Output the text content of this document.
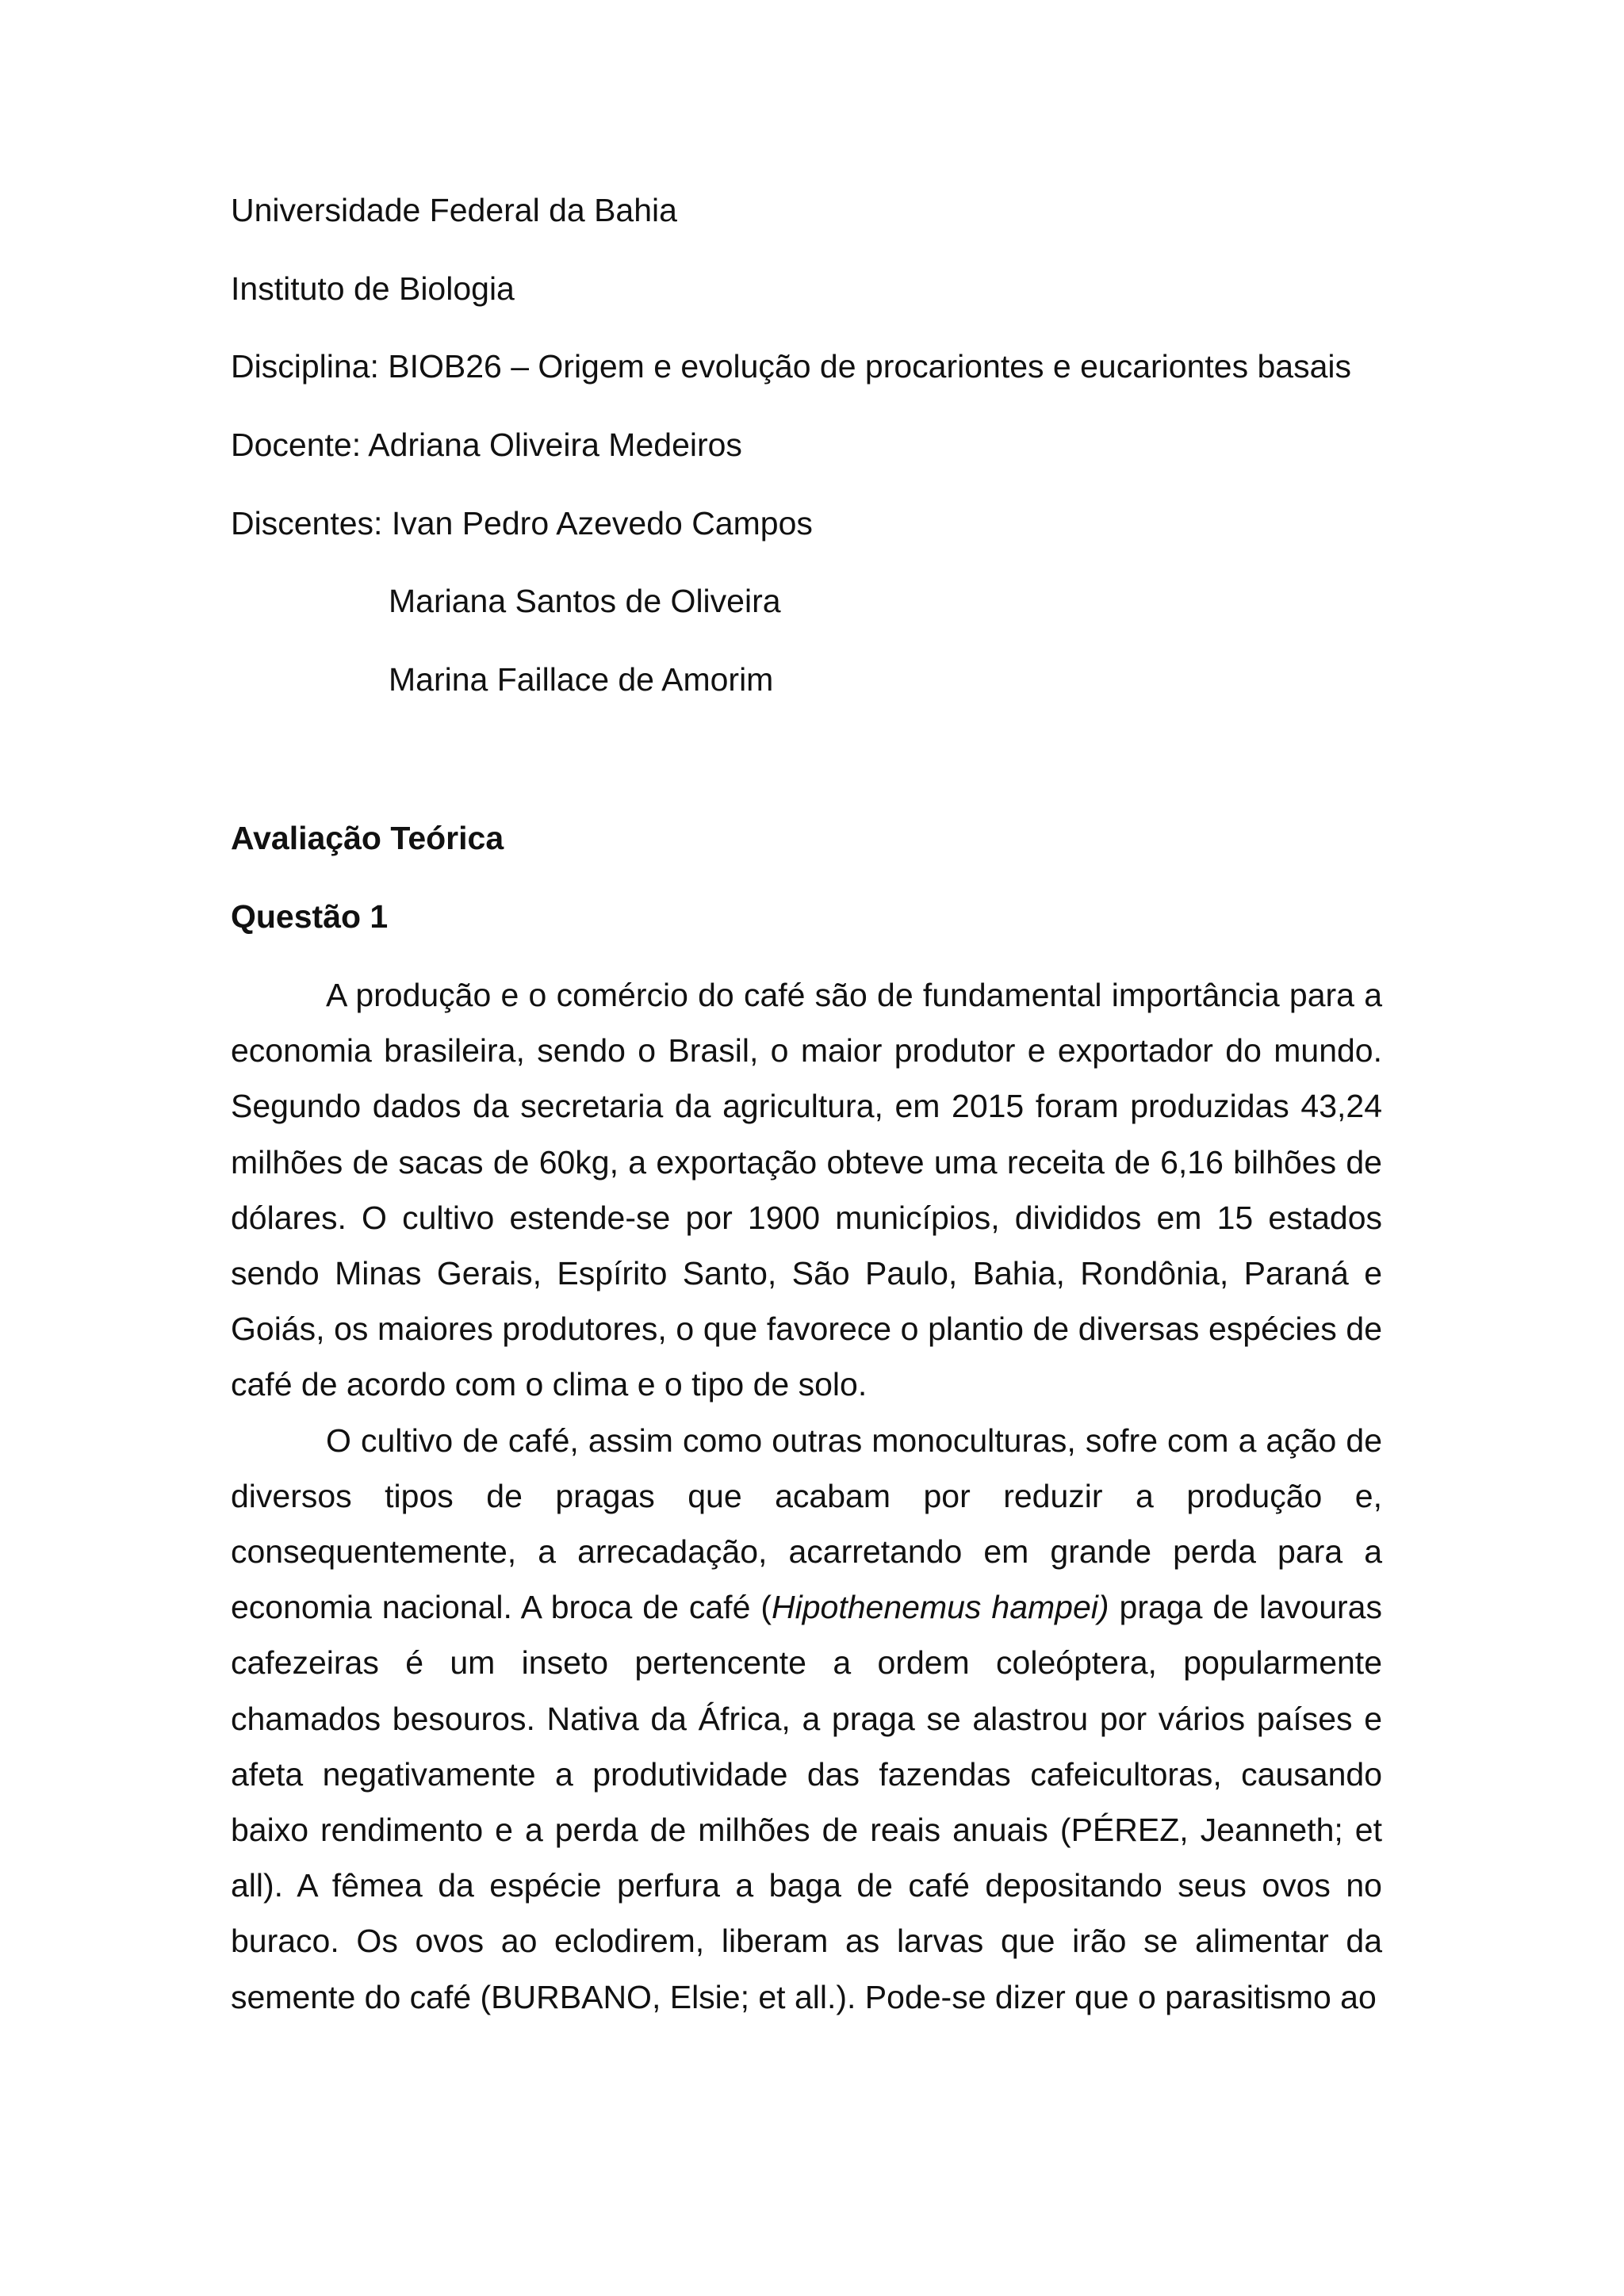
Universidade Federal da Bahia

Instituto de Biologia

Disciplina: BIOB26 – Origem e evolução de procariontes e eucariontes basais

Docente: Adriana Oliveira Medeiros

Discentes: Ivan Pedro Azevedo Campos

Mariana Santos de Oliveira

Marina Faillace de Amorim

Avaliação Teórica

Questão 1

A produção e o comércio do café são de fundamental importância para a economia brasileira, sendo o Brasil, o maior produtor e exportador do mundo. Segundo dados da secretaria da agricultura, em 2015 foram produzidas 43,24 milhões de sacas de 60kg, a exportação obteve uma receita de 6,16 bilhões de dólares. O cultivo estende-se por 1900 municípios, divididos em 15 estados sendo Minas Gerais, Espírito Santo, São Paulo, Bahia, Rondônia, Paraná e Goiás, os maiores produtores, o que favorece o plantio de diversas espécies de café de acordo com o clima e o tipo de solo.

O cultivo de café, assim como outras monoculturas, sofre com a ação de diversos tipos de pragas que acabam por reduzir a produção e, consequentemente, a arrecadação, acarretando em grande perda para a economia nacional. A broca de café (Hipothenemus hampei) praga de lavouras cafezeiras é um inseto pertencente a ordem coleóptera, popularmente chamados besouros. Nativa da África, a praga se alastrou por vários países e afeta negativamente a produtividade das fazendas cafeicultoras, causando baixo rendimento e a perda de milhões de reais anuais (PÉREZ, Jeanneth; et all). A fêmea da espécie perfura a baga de café depositando seus ovos no buraco. Os ovos ao eclodirem, liberam as larvas que irão se alimentar da semente do café (BURBANO, Elsie; et all.). Pode-se dizer que o parasitismo ao
